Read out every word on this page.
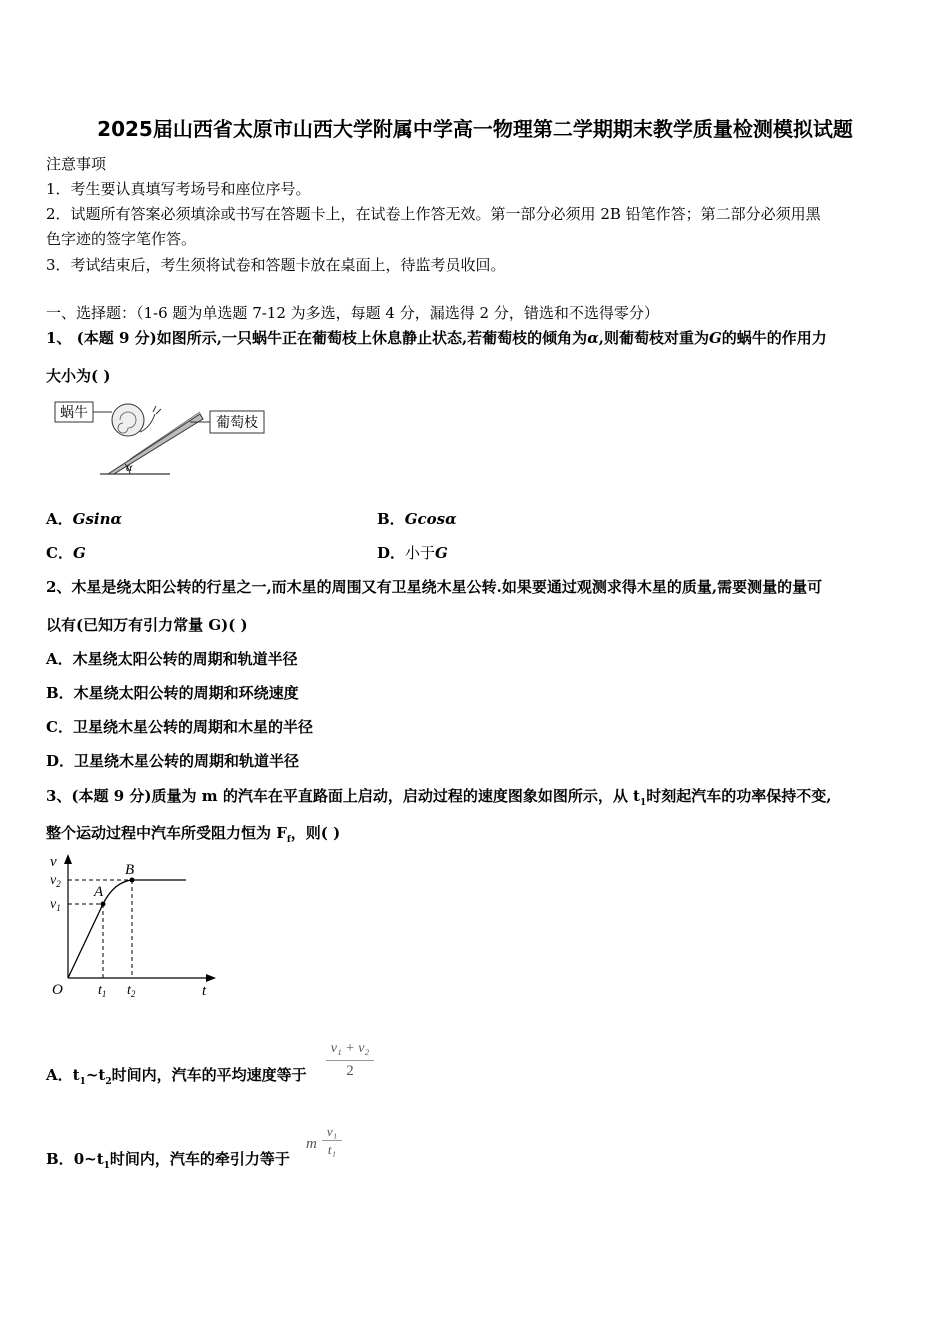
2025届山西省太原市山西大学附属中学高一物理第二学期期末教学质量检测模拟试题
注意事项
1．考生要认真填写考场号和座位序号。
2．试题所有答案必须填涂或书写在答题卡上，在试卷上作答无效。第一部分必须用 2B 铅笔作答；第二部分必须用黑
色字迹的签字笔作答。
3．考试结束后，考生须将试卷和答题卡放在桌面上，待监考员收回。
一、选择题：（1-6 题为单选题 7-12 为多选，每题 4 分，漏选得 2 分，错选和不选得零分）
1、 (本题 9 分)如图所示,一只蜗牛正在葡萄枝上休息静止状态,若葡萄枝的倾角为α,则葡萄枝对重为G的蜗牛的作用力
大小为( )
蜗牛
α
葡萄枝
A．Gsinα	B．Gcosα
C．G	D．小于G
2、木星是绕太阳公转的行星之一,而木星的周围又有卫星绕木星公转.如果要通过观测求得木星的质量,需要测量的量可
以有(已知万有引力常量 G)( )
A．木星绕太阳公转的周期和轨道半径
B．木星绕太阳公转的周期和环绕速度
C．卫星绕木星公转的周期和木星的半径
D．卫星绕木星公转的周期和轨道半径
3、(本题 9 分)质量为 m 的汽车在平直路面上启动，启动过程的速度图象如图所示，从 $t_1$时刻起汽车的功率保持不变,
整个运动过程中汽车所受阻力恒为 $F_f$，则( )
A
B
v
t
O
$v_2$
$v_1$
$t_1$ $t_2$
A．$t_1\sim t_2$时间内，汽车的平均速度等于
v₁ + v₂
2
B．$0\sim t_1$时间内，汽车的牵引力等于
m
v₁
t₁
